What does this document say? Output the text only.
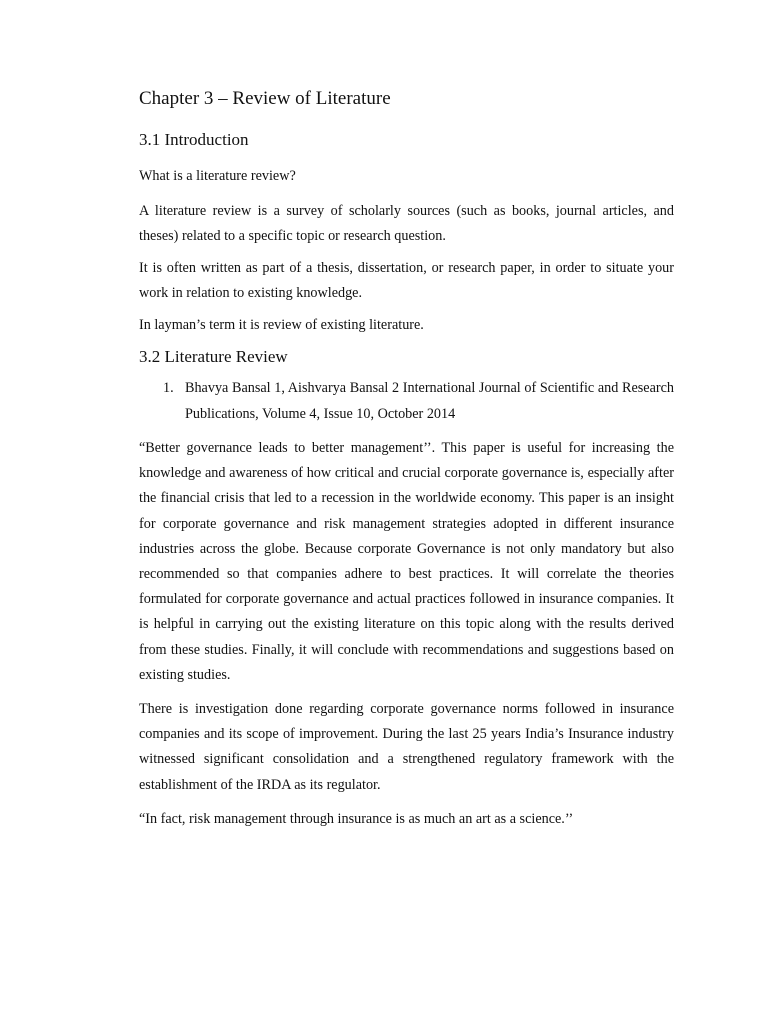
Chapter 3 – Review of Literature
3.1 Introduction

What is a literature review?

A literature review is a survey of scholarly sources (such as books, journal articles, and theses) related to a specific topic or research question.

It is often written as part of a thesis, dissertation, or research paper, in order to situate your work in relation to existing knowledge.

In layman’s term it is review of existing literature.

3.2 Literature Review
1. Bhavya Bansal 1, Aishvarya Bansal 2 International Journal of Scientific and Research Publications, Volume 4, Issue 10, October 2014

“Better governance leads to better management’’. This paper is useful for increasing the knowledge and awareness of how critical and crucial corporate governance is, especially after the financial crisis that led to a recession in the worldwide economy. This paper is an insight for corporate governance and risk management strategies adopted in different insurance industries across the globe. Because corporate Governance is not only mandatory but also recommended so that companies adhere to best practices. It will correlate the theories formulated for corporate governance and actual practices followed in insurance companies. It is helpful in carrying out the existing literature on this topic along with the results derived from these studies. Finally, it will conclude with recommendations and suggestions based on existing studies.

There is investigation done regarding corporate governance norms followed in insurance companies and its scope of improvement. During the last 25 years India’s Insurance industry witnessed significant consolidation and a strengthened regulatory framework with the establishment of the IRDA as its regulator.

“In fact, risk management through insurance is as much an art as a science.’’
